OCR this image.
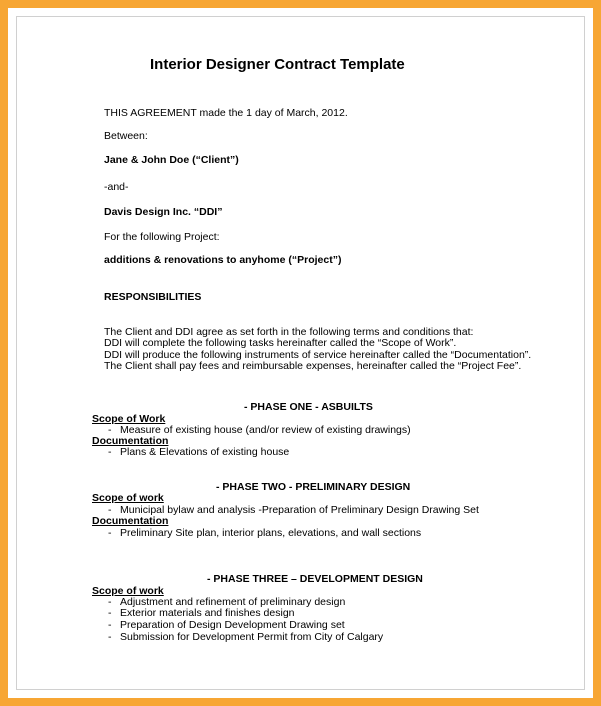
Interior Designer Contract Template
THIS AGREEMENT made the 1 day of March, 2012.
Between:
Jane & John Doe (“Client”)
-and-
Davis Design Inc. “DDI”
For the following Project:
additions & renovations to anyhome (“Project”)
RESPONSIBILITIES
The Client and DDI agree as set forth in the following terms and conditions that:
DDI will complete the following tasks hereinafter called the “Scope of Work”.
DDI will produce the following instruments of service hereinafter called the “Documentation”.
The Client shall pay fees and reimbursable expenses, hereinafter called the “Project Fee”.
- PHASE ONE - ASBUILTS
Scope of Work
- Measure of existing house (and/or review of existing drawings)
Documentation
- Plans & Elevations of existing house
- PHASE TWO - PRELIMINARY DESIGN
Scope of work
- Municipal bylaw and analysis -Preparation of Preliminary Design Drawing Set
Documentation
- Preliminary Site plan, interior plans, elevations, and wall sections
- PHASE THREE – DEVELOPMENT DESIGN
Scope of work
- Adjustment and refinement of preliminary design
- Exterior materials and finishes design
- Preparation of Design Development Drawing set
- Submission for Development Permit from City of Calgary
